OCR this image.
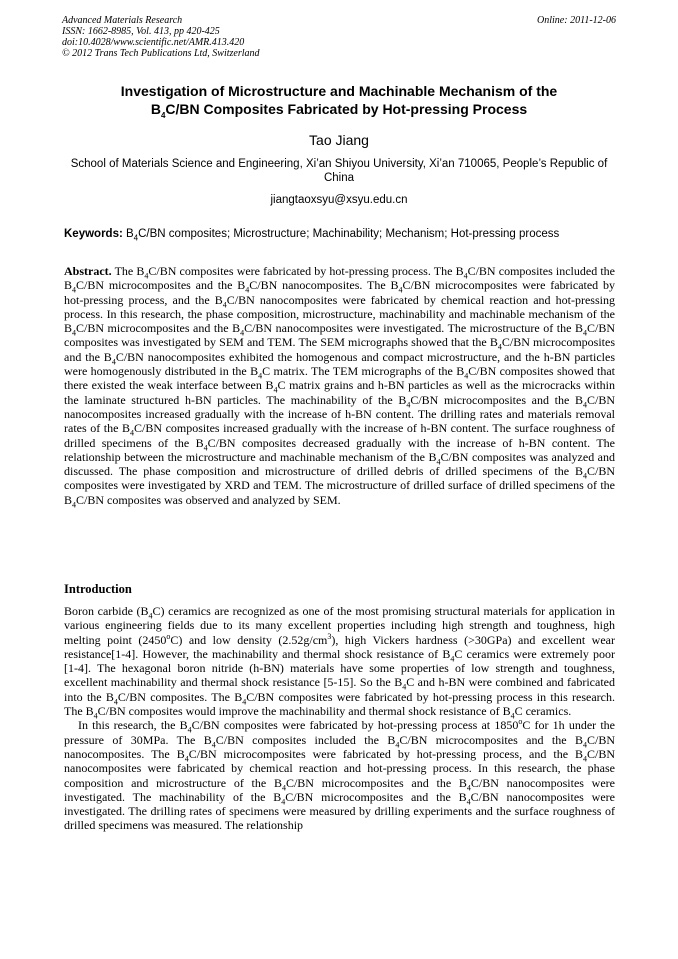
Advanced Materials Research
ISSN: 1662-8985, Vol. 413, pp 420-425
doi:10.4028/www.scientific.net/AMR.413.420
© 2012 Trans Tech Publications Ltd, Switzerland
Online: 2011-12-06
Investigation of Microstructure and Machinable Mechanism of the
$B_4C/BN$ Composites Fabricated by Hot-pressing Process
Tao Jiang
School of Materials Science and Engineering, Xi’an Shiyou University, Xi’an 710065, People’s Republic of China
jiangtaoxsyu@xsyu.edu.cn
Keywords: $B_4C/BN$ composites; Microstructure; Machinability; Mechanism; Hot-pressing process
Abstract. The $B_4C/BN$ composites were fabricated by hot-pressing process. The $B_4C/BN$ composites included the $B_4C/BN$ microcomposites and the $B_4C/BN$ nanocomposites. The $B_4C/BN$ microcomposites were fabricated by hot-pressing process, and the $B_4C/BN$ nanocomposites were fabricated by chemical reaction and hot-pressing process. In this research, the phase composition, microstructure, machinability and machinable mechanism of the $B_4C/BN$ microcomposites and the $B_4C/BN$ nanocomposites were investigated. The microstructure of the $B_4C/BN$ composites was investigated by SEM and TEM. The SEM micrographs showed that the $B_4C/BN$ microcomposites and the $B_4C/BN$ nanocomposites exhibited the homogenous and compact microstructure, and the h-BN particles were homogenously distributed in the $B_4C$ matrix. The TEM micrographs of the $B_4C/BN$ composites showed that there existed the weak interface between $B_4C$ matrix grains and h-BN particles as well as the microcracks within the laminate structured h-BN particles. The machinability of the $B_4C/BN$ microcomposites and the $B_4C/BN$ nanocomposites increased gradually with the increase of h-BN content. The drilling rates and materials removal rates of the $B_4C/BN$ composites increased gradually with the increase of h-BN content. The surface roughness of drilled specimens of the $B_4C/BN$ composites decreased gradually with the increase of h-BN content. The relationship between the microstructure and machinable mechanism of the $B_4C/BN$ composites was analyzed and discussed. The phase composition and microstructure of drilled debris of drilled specimens of the $B_4C/BN$ composites were investigated by XRD and TEM. The microstructure of drilled surface of drilled specimens of the $B_4C/BN$ composites was observed and analyzed by SEM.
Introduction

Boron carbide $(B_4C)$ ceramics are recognized as one of the most promising structural materials for application in various engineering fields due to its many excellent properties including high strength and toughness, high melting point (2450$^o$C) and low density $(2.52g/cm^3)$, high Vickers hardness (>30GPa) and excellent wear resistance[1-4]. However, the machinability and thermal shock resistance of $B_4C$ ceramics were extremely poor [1-4]. The hexagonal boron nitride (h-BN) materials have some properties of low strength and toughness, excellent machinability and thermal shock resistance [5-15]. So the $B_4C$ and h-BN were combined and fabricated into the $B_4C/BN$ composites. The $B_4C/BN$ composites were fabricated by hot-pressing process in this research. The $B_4C/BN$ composites would improve the machinability and thermal shock resistance of $B_4C$ ceramics.

In this research, the $B_4C/BN$ composites were fabricated by hot-pressing process at 1850$^o$C for 1h under the pressure of 30MPa. The $B_4C/BN$ composites included the $B_4C/BN$ microcomposites and the $B_4C/BN$ nanocomposites. The $B_4C/BN$ microcomposites were fabricated by hot-pressing process, and the $B_4C/BN$ nanocomposites were fabricated by chemical reaction and hot-pressing process. In this research, the phase composition and microstructure of the $B_4C/BN$ microcomposites and the $B_4C/BN$ nanocomposites were investigated. The machinability of the $B_4C/BN$ microcomposites and the $B_4C/BN$ nanocomposites were investigated. The drilling rates of specimens were measured by drilling experiments and the surface roughness of drilled specimens was measured. The relationship
